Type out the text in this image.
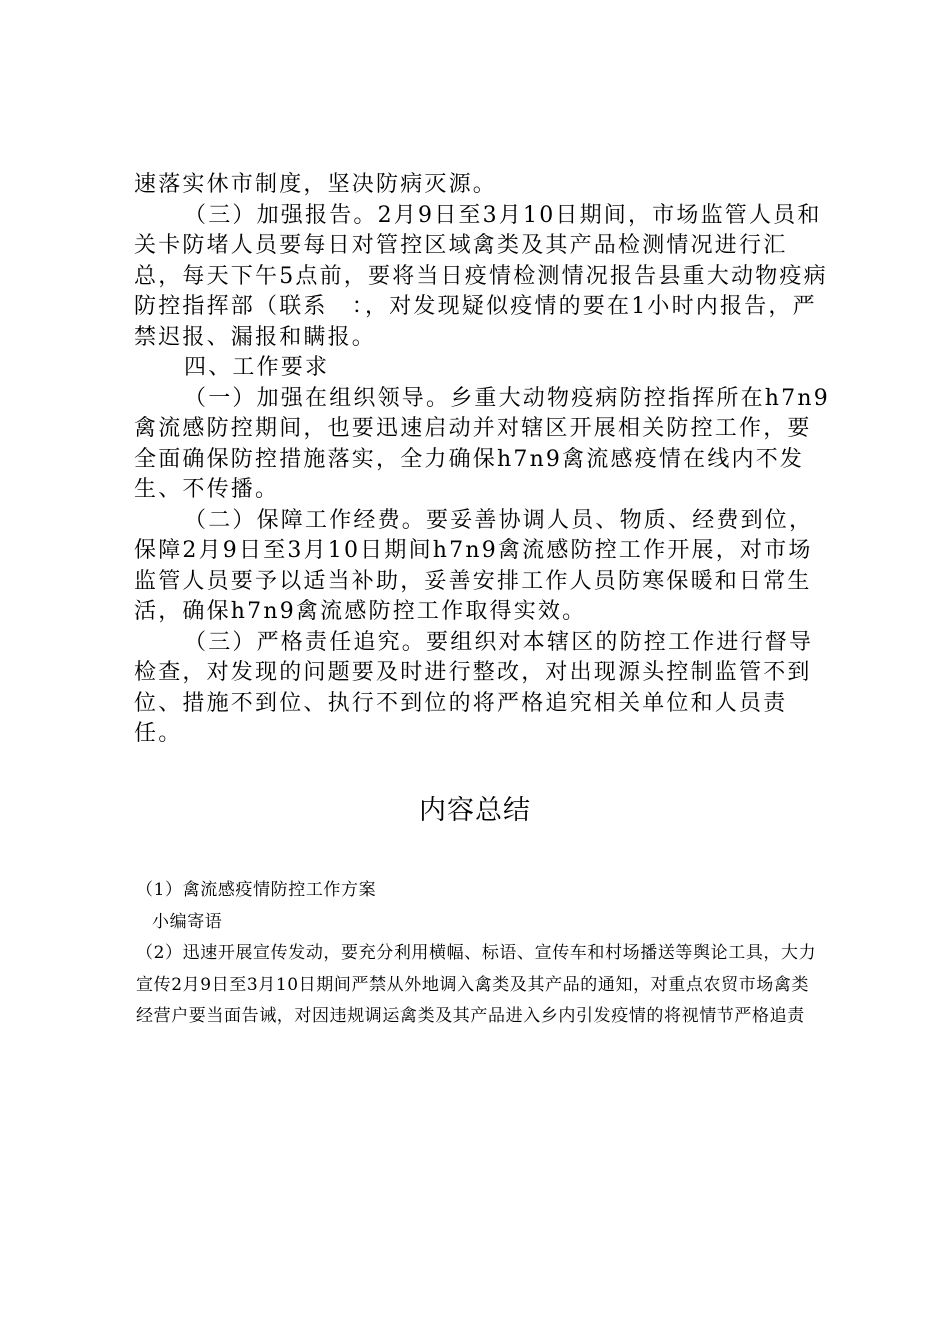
速落实休市制度，坚决防病灭源。

（三）加强报告。2月9日至3月10日期间，市场监管人员和关卡防堵人员要每日对管控区域禽类及其产品检测情况进行汇总，每天下午5点前，要将当日疫情检测情况报告县重大动物疫病防控指挥部（联系　：，对发现疑似疫情的要在1小时内报告，严禁迟报、漏报和瞒报。

四、工作要求

（一）加强在组织领导。乡重大动物疫病防控指挥所在h7n9禽流感防控期间，也要迅速启动并对辖区开展相关防控工作，要全面确保防控措施落实，全力确保h7n9禽流感疫情在线内不发生、不传播。

（二）保障工作经费。要妥善协调人员、物质、经费到位，保障2月9日至3月10日期间h7n9禽流感防控工作开展，对市场监管人员要予以适当补助，妥善安排工作人员防寒保暖和日常生活，确保h7n9禽流感防控工作取得实效。

（三）严格责任追究。要组织对本辖区的防控工作进行督导检查，对发现的问题要及时进行整改，对出现源头控制监管不到位、措施不到位、执行不到位的将严格追究相关单位和人员责任。

内容总结

（1）禽流感疫情防控工作方案

小编寄语

（2）迅速开展宣传发动，要充分利用横幅、标语、宣传车和村场播送等舆论工具，大力宣传2月9日至3月10日期间严禁从外地调入禽类及其产品的通知，对重点农贸市场禽类经营户要当面告诫，对因违规调运禽类及其产品进入乡内引发疫情的将视情节严格追责
